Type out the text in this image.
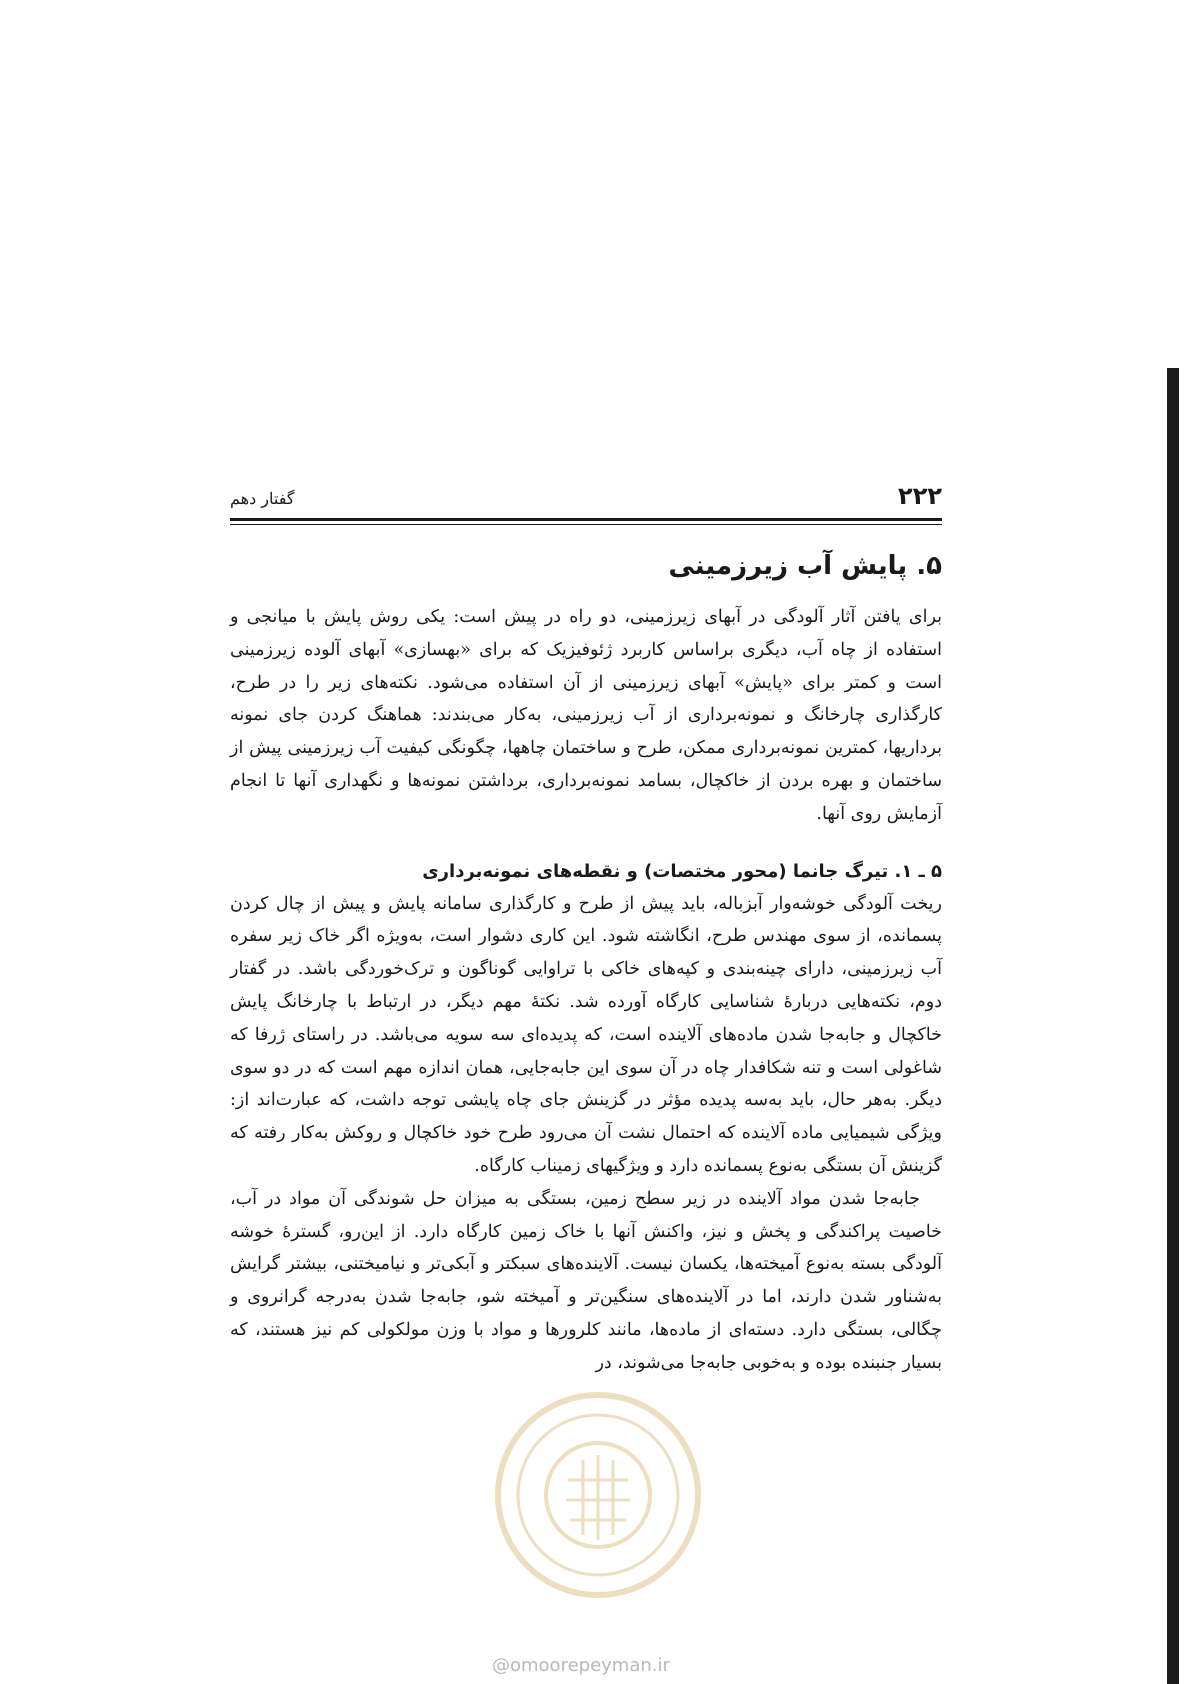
۲۲۲
گفتار دهم
۵. پایش آب زیرزمینی

برای یافتن آثار آلودگی در آبهای زیرزمینی، دو راه در پیش است: یکی روش پایش با میانجی و استفاده از چاه آب، دیگری براساس کاربرد ژئوفیزیک که برای «بهسازی» آبهای آلوده زیرزمینی است و کمتر برای «پایش» آبهای زیرزمینی از آن استفاده می‌شود. نکته‌های زیر را در طرح، کارگذاری چارخانگ و نمونه‌برداری از آب زیرزمینی، به‌کار می‌بندند: هماهنگ کردن جای نمونه برداریها، کمترین نمونه‌برداری ممکن، طرح و ساختمان چاهها، چگونگی کیفیت آب زیرزمینی پیش از ساختمان و بهره بردن از خاکچال، بسامد نمونه‌برداری، برداشتن نمونه‌ها و نگهداری آنها تا انجام آزمایش روی آنها.

۵ ـ ۱. تیرگ جانما (محور مختصات) و نقطه‌های نمونه‌برداری

ریخت آلودگی خوشه‌وار آبزباله، باید پیش از طرح و کارگذاری سامانه پایش و پیش از چال کردن پسمانده، از سوی مهندس طرح، انگاشته شود. این کاری دشوار است، به‌ویژه اگر خاک زیر سفره آب زیرزمینی، دارای چینه‌بندی و کپه‌های خاکی با تراوایی گوناگون و ترک‌خوردگی باشد. در گفتار دوم، نکته‌هایی دربارهٔ شناسایی کارگاه آورده شد. نکتهٔ مهم دیگر، در ارتباط با چارخانگ پایش خاکچال و جابه‌جا شدن ماده‌های آلاینده است، که پدیده‌ای سه سویه می‌باشد. در راستای ژرفا که شاغولی است و تنه شکافدار چاه در آن سوی این جابه‌جایی، همان اندازه مهم است که در دو سوی دیگر. به‌هر حال، باید به‌سه پدیده مؤثر در گزینش جای چاه پایشی توجه داشت، که عبارت‌اند از: ویژگی شیمیایی ماده آلاینده که احتمال نشت آن می‌رود طرح خود خاکچال و روکش به‌کار رفته که گزینش آن بستگی به‌نوع پسمانده دارد و ویژگیهای زمیناب کارگاه.

جابه‌جا شدن مواد آلاینده در زیر سطح زمین، بستگی به میزان حل شوندگی آن مواد در آب، خاصیت پراکندگی و پخش و نیز، واکنش آنها با خاک زمین کارگاه دارد. از این‌رو، گسترهٔ خوشه آلودگی بسته به‌نوع آمیخته‌ها، یکسان نیست. آلاینده‌های سبکتر و آبکی‌تر و نیامیختنی، بیشتر گرایش به‌شناور شدن دارند، اما در آلاینده‌های سنگین‌تر و آمیخته شو، جابه‌جا شدن به‌درجه گرانروی و چگالی، بستگی دارد. دسته‌ای از ماده‌ها، مانند کلرورها و مواد با وزن مولکولی کم نیز هستند، که بسیار جنبنده بوده و به‌خوبی جابه‌جا می‌شوند، در

@omoorepeyman.ir
